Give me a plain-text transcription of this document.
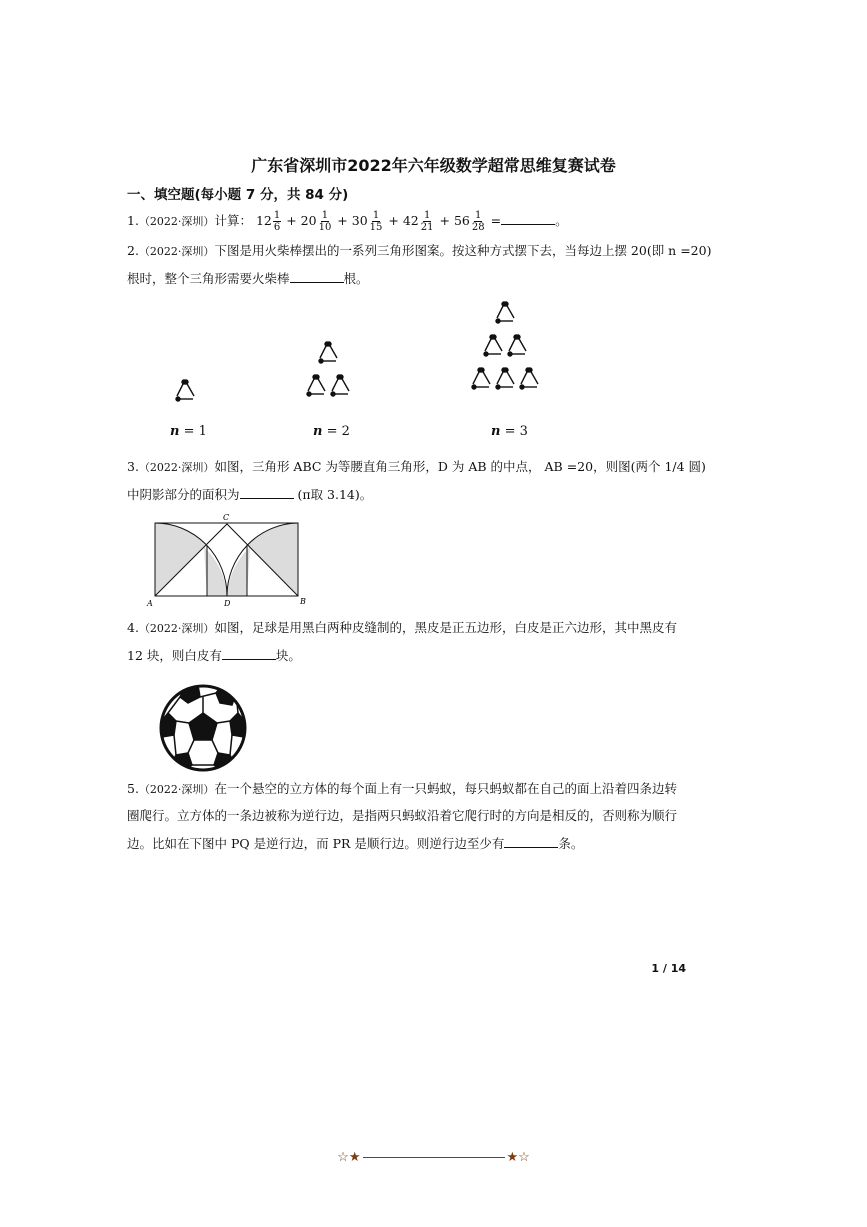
广东省深圳市2022年六年级数学超常思维复赛试卷
一、填空题(每小题 7 分，共 84 分)
1.（2022·深圳）计算： $12 \frac{1}{6} + 20 \frac{1}{10} + 30 \frac{1}{15} + 42 \frac{1}{21} + 56 \frac{1}{28}$ =	。
2.（2022·深圳）下图是用火柴棒摆出的一系列三角形图案。按这种方式摆下去，当每边上摆 20(即 n =20)
根时，整个三角形需要火柴棒	根。
n = 1	n = 2	n = 3
3.（2022·深圳）如图，三角形 ABC 为等腰直角三角形，D 为 AB 的中点， AB =20，则图(两个 1/4 圆)
中阴影部分的面积为	(π取 3.14)。
A
C
D	B
4.（2022·深圳）如图，足球是用黑白两种皮缝制的，黑皮是正五边形，白皮是正六边形，其中黑皮有
12 块，则白皮有	块。
5.（2022·深圳）在一个悬空的立方体的每个面上有一只蚂蚁，每只蚂蚁都在自己的面上沿着四条边转
圈爬行。立方体的一条边被称为逆行边，是指两只蚂蚁沿着它爬行时的方向是相反的，否则称为顺行
边。比如在下图中 PQ 是逆行边，而 PR 是顺行边。则逆行边至少有	条。
1 / 14
☆★	★☆
